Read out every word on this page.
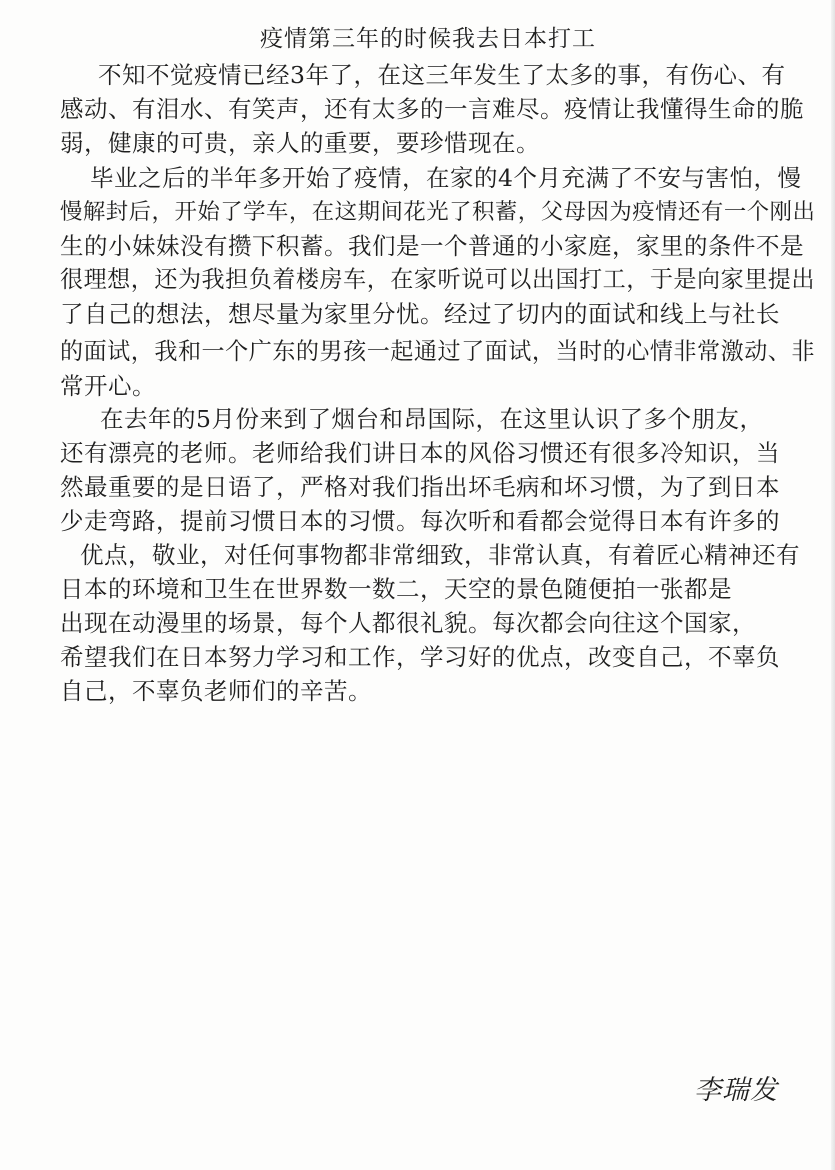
疫情第三年的时候我去日本打工
不知不觉疫情已经3年了，在这三年发生了太多的事，有伤心、有
感动、有泪水、有笑声，还有太多的一言难尽。疫情让我懂得生命的脆
弱，健康的可贵，亲人的重要，要珍惜现在。
毕业之后的半年多开始了疫情，在家的4个月充满了不安与害怕，慢
慢解封后，开始了学车，在这期间花光了积蓄，父母因为疫情还有一个刚出
生的小妹妹没有攒下积蓄。我们是一个普通的小家庭，家里的条件不是
很理想，还为我担负着楼房车，在家听说可以出国打工，于是向家里提出
了自己的想法，想尽量为家里分忧。经过了切内的面试和线上与社长
的面试，我和一个广东的男孩一起通过了面试，当时的心情非常激动、非
常开心。
在去年的5月份来到了烟台和昂国际，在这里认识了多个朋友，
还有漂亮的老师。老师给我们讲日本的风俗习惯还有很多冷知识，当
然最重要的是日语了，严格对我们指出坏毛病和坏习惯，为了到日本
少走弯路，提前习惯日本的习惯。每次听和看都会觉得日本有许多的
优点，敬业，对任何事物都非常细致，非常认真，有着匠心精神还有
日本的环境和卫生在世界数一数二，天空的景色随便拍一张都是
出现在动漫里的场景，每个人都很礼貌。每次都会向往这个国家，
希望我们在日本努力学习和工作，学习好的优点，改变自己，不辜负
自己，不辜负老师们的辛苦。
李瑞发
